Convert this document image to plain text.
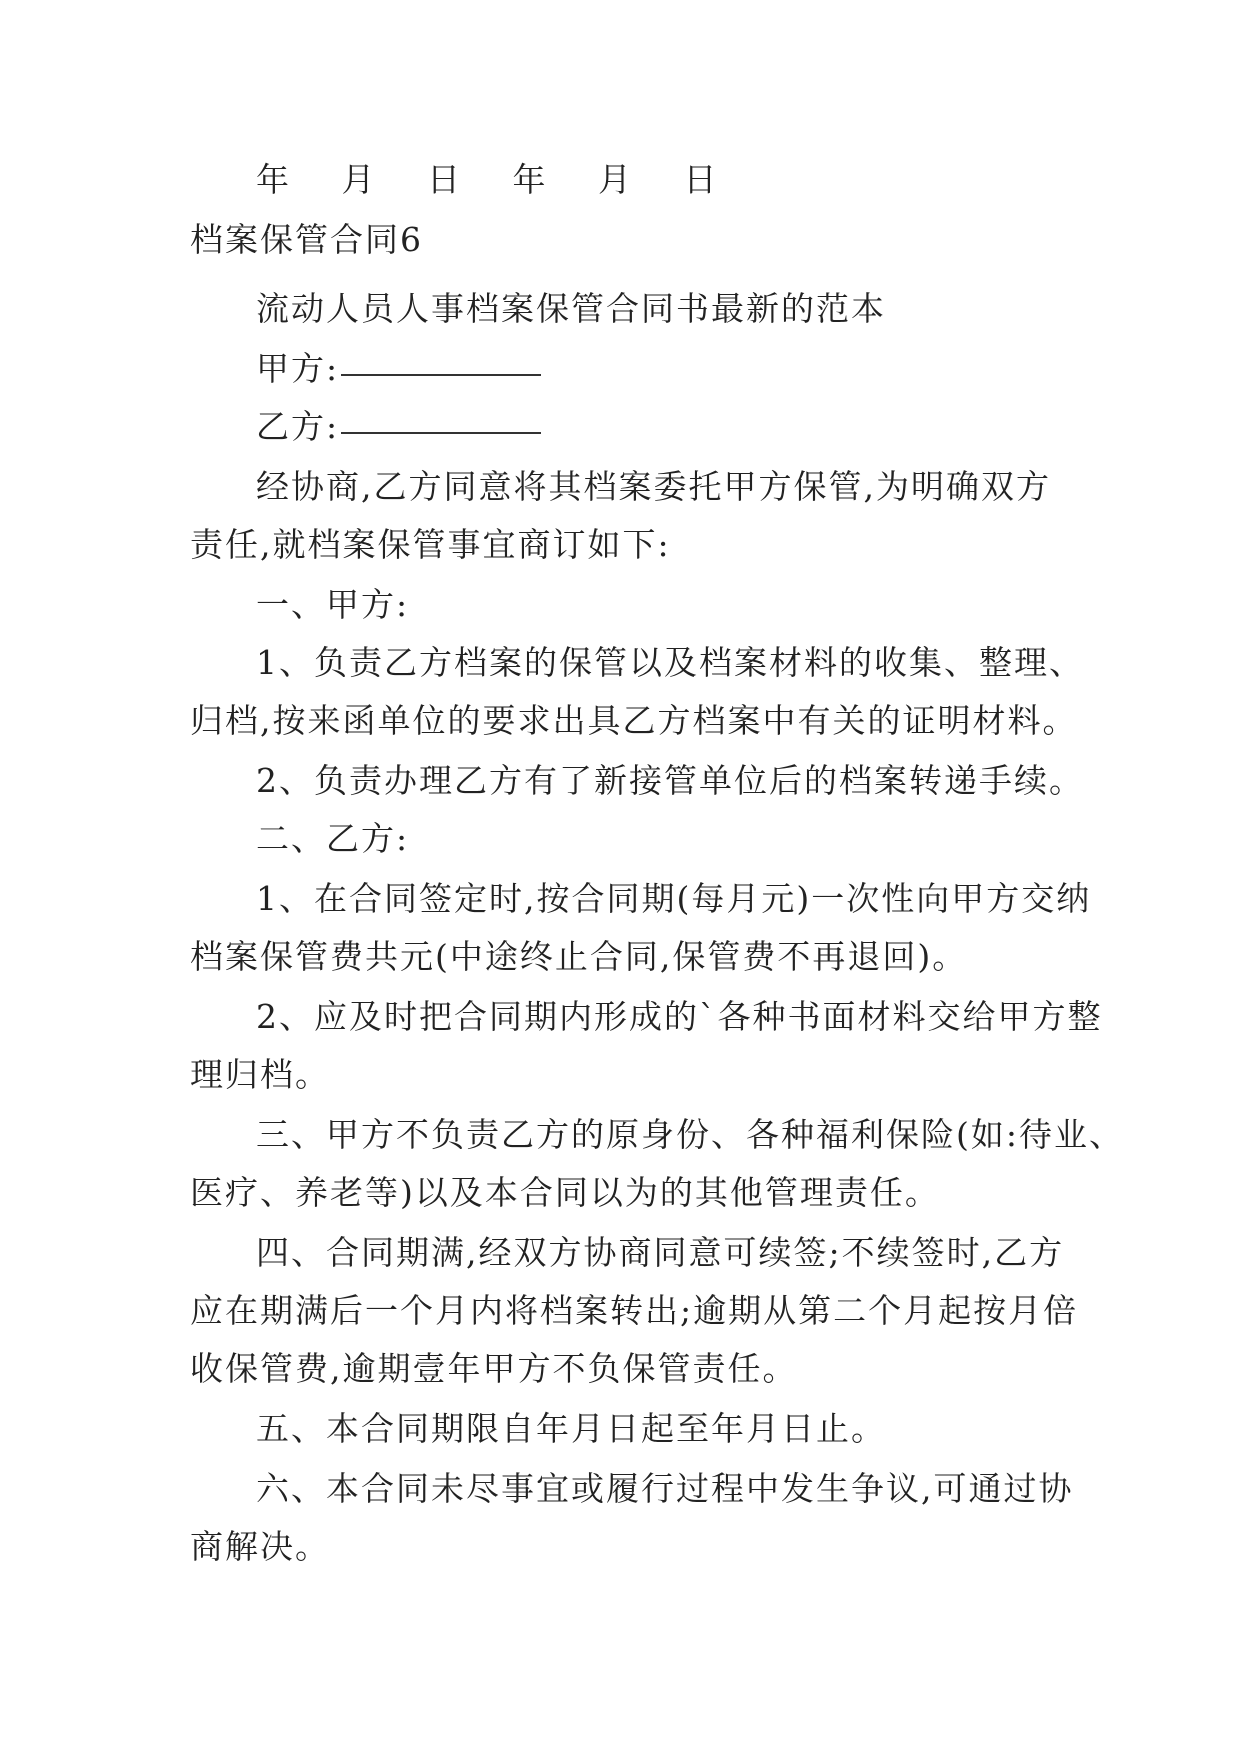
年 月 日 年 月 日
档案保管合同6
流动人员人事档案保管合同书最新的范本
甲方:
乙方:
经协商,乙方同意将其档案委托甲方保管,为明确双方
责任,就档案保管事宜商订如下:
一、甲方:
1、负责乙方档案的保管以及档案材料的收集、整理、
归档,按来函单位的要求出具乙方档案中有关的证明材料。
2、负责办理乙方有了新接管单位后的档案转递手续。
二、乙方:
1、在合同签定时,按合同期(每月元)一次性向甲方交纳
档案保管费共元(中途终止合同,保管费不再退回)。
2、应及时把合同期内形成的`各种书面材料交给甲方整
理归档。
三、甲方不负责乙方的原身份、各种福利保险(如:待业、
医疗、养老等)以及本合同以为的其他管理责任。
四、合同期满,经双方协商同意可续签;不续签时,乙方
应在期满后一个月内将档案转出;逾期从第二个月起按月倍
收保管费,逾期壹年甲方不负保管责任。
五、本合同期限自年月日起至年月日止。
六、本合同未尽事宜或履行过程中发生争议,可通过协
商解决。
